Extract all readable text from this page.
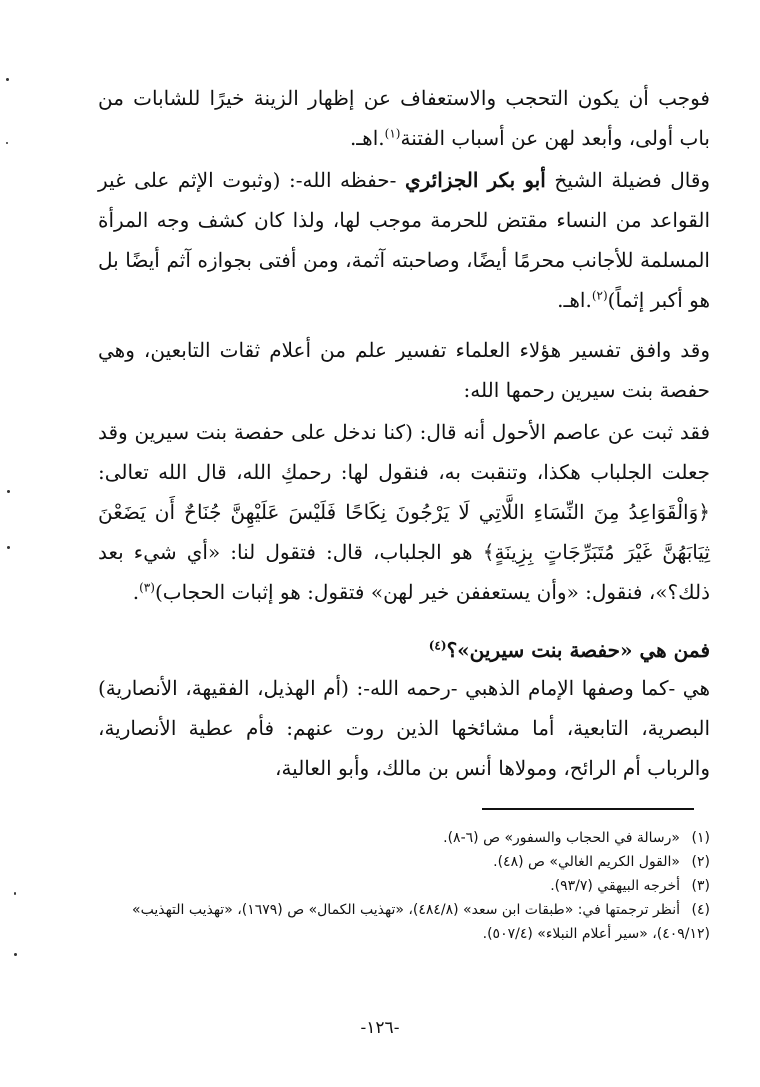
فوجب أن يكون التحجب والاستعفاف عن إظهار الزينة خيرًا للشابات من باب أولى، وأبعد لهن عن أسباب الفتنة$^{(١)}$.اهـ.
وقال فضيلة الشيخ أبو بكر الجزائري -حفظه الله-: (وثبوت الإثم على غير القواعد من النساء مقتض للحرمة موجب لها، ولذا كان كشف وجه المرأة المسلمة للأجانب محرمًا أيضًا، وصاحبته آثمة، ومن أفتى بجوازه آثم أيضًا بل هو أكبر إثماً)$^{(٢)}$.اهـ.
وقد وافق تفسير هؤلاء العلماء تفسير علم من أعلام ثقات التابعين، وهي حفصة بنت سيرين رحمها الله:
فقد ثبت عن عاصم الأحول أنه قال: (كنا ندخل على حفصة بنت سيرين وقد جعلت الجلباب هكذا، وتنقبت به، فنقول لها: رحمكِ الله، قال الله تعالى: ﴿وَالْقَوَاعِدُ مِنَ النِّسَاءِ اللَّاتِي لَا يَرْجُونَ نِكَاحًا فَلَيْسَ عَلَيْهِنَّ جُنَاحٌ أَن يَضَعْنَ ثِيَابَهُنَّ غَيْرَ مُتَبَرِّجَاتٍ بِزِينَةٍ﴾ هو الجلباب، قال: فتقول لنا: «أي شيء بعد ذلك؟»، فنقول: «وأن يستعففن خير لهن» فتقول: هو إثبات الحجاب)$^{(٣)}$.
فمن هي «حفصة بنت سيرين»؟$^{(٤)}$
هي -كما وصفها الإمام الذهبي -رحمه الله-: (أم الهذيل، الفقيهة، الأنصارية) البصرية، التابعية، أما مشائخها الذين روت عنهم: فأم عطية الأنصارية، والرباب أم الرائح، ومولاها أنس بن مالك، وأبو العالية،
(١)«رسالة في الحجاب والسفور» ص (٦-٨).
(٢)«القول الكريم الغالي» ص (٤٨).
(٣)أخرجه البيهقي (٩٣/٧).
(٤)أنظر ترجمتها في: «طبقات ابن سعد» (٤٨٤/٨)، «تهذيب الكمال» ص (١٦٧٩)، «تهذيب التهذيب» (٤٠٩/١٢)، «سير أعلام النبلاء» (٥٠٧/٤).
-١٢٦-
